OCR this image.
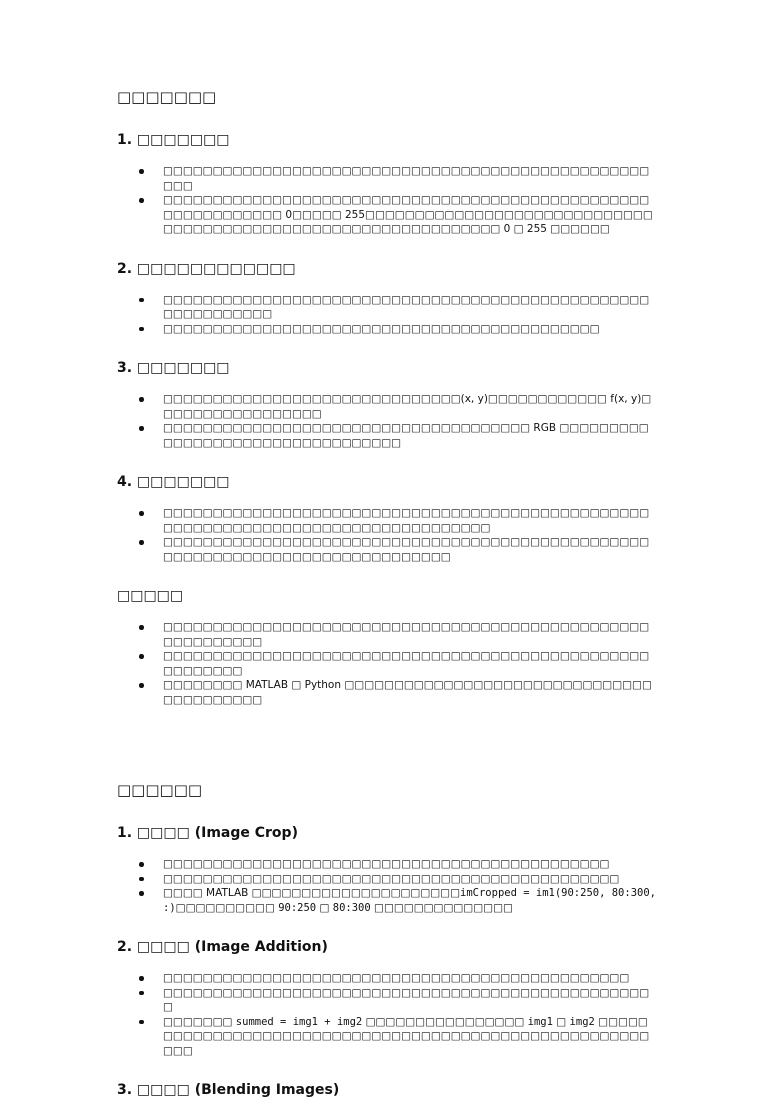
□□□□□□□
1. □□□□□□□
□□□□□□□□□□□□□□□□□□□□□□□□□□□□□□□□□□□□□□□□□□□□□□□□□□□□
□□□□□□□□□□□□□□□□□□□□□□□□□□□□□□□□□□□□□□□□□□□□□□□□□□□□□□□□□□□□□ 0□□□□□ 255□□□□□□□□□□□□□□□□□□□□□□□□□□□□□□□□□□□□□□□□□□□□□□□□□□□□□□□□□□□□□□□ 0 □ 255 □□□□□□
2. □□□□□□□□□□□□
□□□□□□□□□□□□□□□□□□□□□□□□□□□□□□□□□□□□□□□□□□□□□□□□□□□□□□□□□□□□
□□□□□□□□□□□□□□□□□□□□□□□□□□□□□□□□□□□□□□□□□□□□
3. □□□□□□□
□□□□□□□□□□□□□□□□□□□□□□□□□□□□□□(x, y)□□□□□□□□□□□□ f(x, y)□□□□□□□□□□□□□□□□□
□□□□□□□□□□□□□□□□□□□□□□□□□□□□□□□□□□□□□ RGB □□□□□□□□□□□□□□□□□□□□□□□□□□□□□□□□□
4. □□□□□□□
□□□□□□□□□□□□□□□□□□□□□□□□□□□□□□□□□□□□□□□□□□□□□□□□□□□□□□□□□□□□□□□□□□□□□□□□□□□□□□□□□□
□□□□□□□□□□□□□□□□□□□□□□□□□□□□□□□□□□□□□□□□□□□□□□□□□□□□□□□□□□□□□□□□□□□□□□□□□□□□□□
□□□□□
□□□□□□□□□□□□□□□□□□□□□□□□□□□□□□□□□□□□□□□□□□□□□□□□□□□□□□□□□□□
□□□□□□□□□□□□□□□□□□□□□□□□□□□□□□□□□□□□□□□□□□□□□□□□□□□□□□□□□
□□□□□□□□ MATLAB □ Python □□□□□□□□□□□□□□□□□□□□□□□□□□□□□□□□□□□□□□□□□
□□□□□□
1. □□□□ (Image Crop)
□□□□□□□□□□□□□□□□□□□□□□□□□□□□□□□□□□□□□□□□□□□□□
□□□□□□□□□□□□□□□□□□□□□□□□□□□□□□□□□□□□□□□□□□□□□□
□□□□ MATLAB □□□□□□□□□□□□□□□□□□□□□imCropped = im1(90:250, 80:300, :)□□□□□□□□□□ 90:250 □ 80:300 □□□□□□□□□□□□□□
2. □□□□ (Image Addition)
□□□□□□□□□□□□□□□□□□□□□□□□□□□□□□□□□□□□□□□□□□□□□□□
□□□□□□□□□□□□□□□□□□□□□□□□□□□□□□□□□□□□□□□□□□□□□□□□□□
□□□□□□□ summed = img1 + img2 □□□□□□□□□□□□□□□□ img1 □ img2 □□□□□□□□□□□□□□□□□□□□□□□□□□□□□□□□□□□□□□□□□□□□□□□□□□□□□□□□□
3. □□□□ (Blending Images)
